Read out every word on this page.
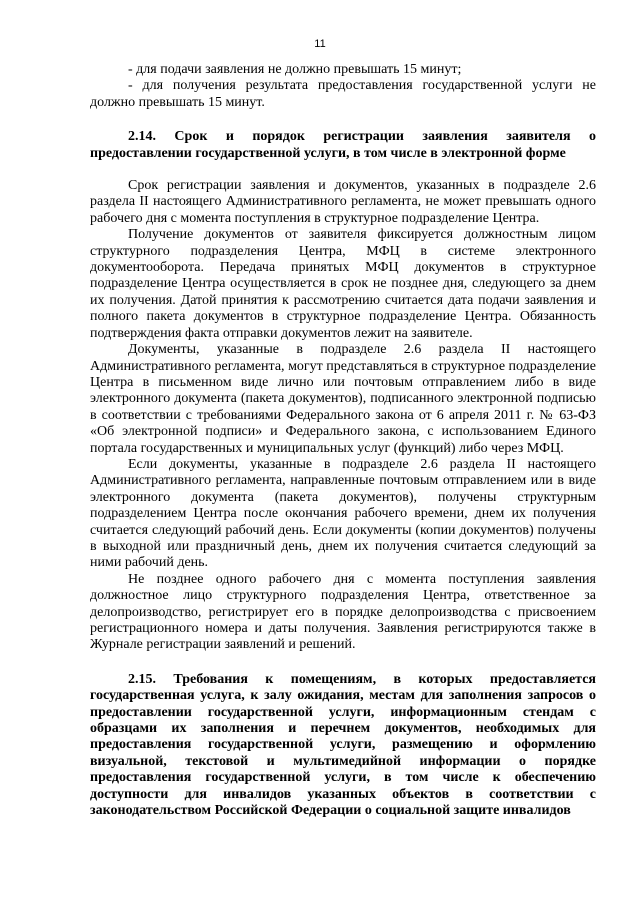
11

- для подачи заявления не должно превышать 15 минут;

- для получения результата предоставления государственной услуги не должно превышать 15 минут.

2.14. Срок и порядок регистрации заявления заявителя о предоставлении государственной услуги, в том числе в электронной форме

Срок регистрации заявления и документов, указанных в подразделе 2.6 раздела II настоящего Административного регламента, не может превышать одного рабочего дня с момента поступления в структурное подразделение Центра.

Получение документов от заявителя фиксируется должностным лицом структурного подразделения Центра, МФЦ в системе электронного документооборота. Передача принятых МФЦ документов в структурное подразделение Центра осуществляется в срок не позднее дня, следующего за днем их получения. Датой принятия к рассмотрению считается дата подачи заявления и полного пакета документов в структурное подразделение Центра. Обязанность подтверждения факта отправки документов лежит на заявителе.

Документы, указанные в подразделе 2.6 раздела II настоящего Административного регламента, могут представляться в структурное подразделение Центра в письменном виде лично или почтовым отправлением либо в виде электронного документа (пакета документов), подписанного электронной подписью в соответствии с требованиями Федерального закона от 6 апреля 2011 г. № 63-ФЗ «Об электронной подписи» и Федерального закона, с использованием Единого портала государственных и муниципальных услуг (функций) либо через МФЦ.

Если документы, указанные в подразделе 2.6 раздела II настоящего Административного регламента, направленные почтовым отправлением или в виде электронного документа (пакета документов), получены структурным подразделением Центра после окончания рабочего времени, днем их получения считается следующий рабочий день. Если документы (копии документов) получены в выходной или праздничный день, днем их получения считается следующий за ними рабочий день.

Не позднее одного рабочего дня с момента поступления заявления должностное лицо структурного подразделения Центра, ответственное за делопроизводство, регистрирует его в порядке делопроизводства с присвоением регистрационного номера и даты получения. Заявления регистрируются также в Журнале регистрации заявлений и решений.

2.15. Требования к помещениям, в которых предоставляется государственная услуга, к залу ожидания, местам для заполнения запросов о предоставлении государственной услуги, информационным стендам с образцами их заполнения и перечнем документов, необходимых для предоставления государственной услуги, размещению и оформлению визуальной, текстовой и мультимедийной информации о порядке предоставления государственной услуги, в том числе к обеспечению доступности для инвалидов указанных объектов в соответствии с законодательством Российской Федерации о социальной защите инвалидов
